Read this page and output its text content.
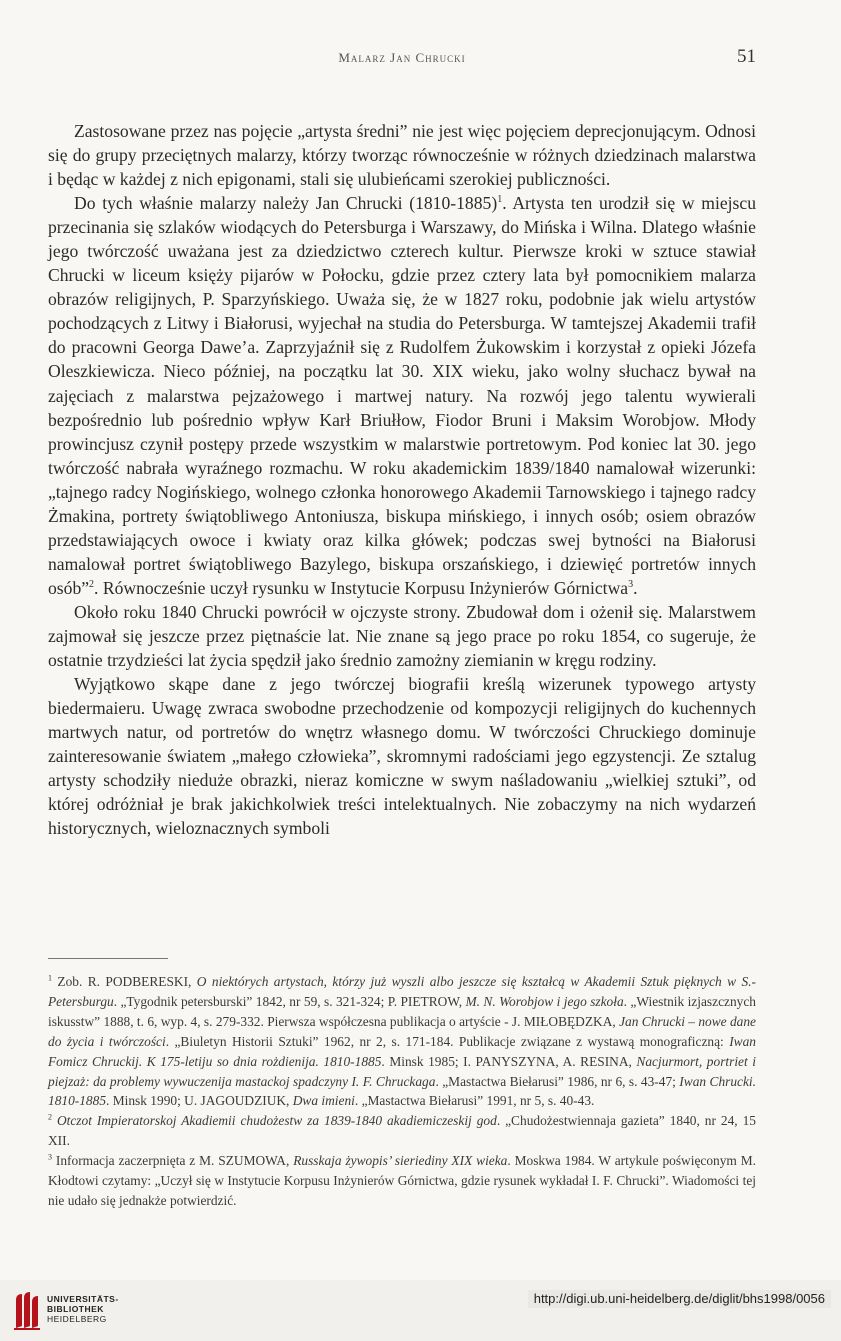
Malarz Jan Chrucki	51

Zastosowane przez nas pojęcie „artysta średni” nie jest więc pojęciem deprecjonującym. Odnosi się do grupy przeciętnych malarzy, którzy tworząc równocześnie w różnych dziedzinach malarstwa i będąc w każdej z nich epigonami, stali się ulubieńcami szerokiej publiczności.

Do tych właśnie malarzy należy Jan Chrucki (1810-1885)$^1$. Artysta ten urodził się w miejscu przecinania się szlaków wiodących do Petersburga i Warszawy, do Mińska i Wilna. Dlatego właśnie jego twórczość uważana jest za dziedzictwo czterech kultur. Pierwsze kroki w sztuce stawiał Chrucki w liceum księży pijarów w Połocku, gdzie przez cztery lata był pomocnikiem malarza obrazów religijnych, P. Sparzyńskiego. Uważa się, że w 1827 roku, podobnie jak wielu artystów pochodzących z Litwy i Białorusi, wyjechał na studia do Petersburga. W tamtejszej Akademii trafił do pracowni Georga Dawe’a. Zaprzyjaźnił się z Rudolfem Żukowskim i korzystał z opieki Józefa Oleszkiewicza. Nieco później, na początku lat 30. XIX wieku, jako wolny słuchacz bywał na zajęciach z malarstwa pejzażowego i martwej natury. Na rozwój jego talentu wywierali bezpośrednio lub pośrednio wpływ Karł Briułłow, Fiodor Bruni i Maksim Worobjow. Młody prowincjusz czynił postępy przede wszystkim w malarstwie portretowym. Pod koniec lat 30. jego twórczość nabrała wyraźnego rozmachu. W roku akademickim 1839/1840 namalował wizerunki: „tajnego radcy Nogińskiego, wolnego członka honorowego Akademii Tarnowskiego i tajnego radcy Żmakina, portrety świątobliwego Antoniusza, biskupa mińskiego, i innych osób; osiem obrazów przedstawiających owoce i kwiaty oraz kilka główek; podczas swej bytności na Białorusi namalował portret świątobliwego Bazylego, biskupa orszańskiego, i dziewięć portretów innych osób”$^2$. Równocześnie uczył rysunku w Instytucie Korpusu Inżynierów Górnictwa$^3$.

Około roku 1840 Chrucki powrócił w ojczyste strony. Zbudował dom i ożenił się. Malarstwem zajmował się jeszcze przez piętnaście lat. Nie znane są jego prace po roku 1854, co sugeruje, że ostatnie trzydzieści lat życia spędził jako średnio zamożny ziemianin w kręgu rodziny.

Wyjątkowo skąpe dane z jego twórczej biografii kreślą wizerunek typowego artysty biedermaieru. Uwagę zwraca swobodne przechodzenie od kompozycji religijnych do kuchennych martwych natur, od portretów do wnętrz własnego domu. W twórczości Chruckiego dominuje zainteresowanie światem „małego człowieka”, skromnymi radościami jego egzystencji. Ze sztalug artysty schodziły nieduże obrazki, nieraz komiczne w swym naśladowaniu „wielkiej sztuki”, od której odróżniał je brak jakichkolwiek treści intelektualnych. Nie zobaczymy na nich wydarzeń historycznych, wieloznacznych symboli

$^1$ Zob. R. PODBERESKI, O niektórych artystach, którzy już wyszli albo jeszcze się kształcą w Akademii Sztuk pięknych w S.-Petersburgu. „Tygodnik petersburski” 1842, nr 59, s. 321-324; P. PIETROW, M. N. Worobjow i jego szkoła. „Wiestnik izjaszcznych iskusstw” 1888, t. 6, wyp. 4, s. 279-332. Pierwsza współczesna publikacja o artyście - J. MIŁOBĘDZKA, Jan Chrucki – nowe dane do życia i twórczości. „Biuletyn Historii Sztuki” 1962, nr 2, s. 171-184. Publikacje związane z wystawą monograficzną: Iwan Fomicz Chruckij. K 175-letiju so dnia rożdienija. 1810-1885. Minsk 1985; I. PANYSZYNA, A. RESINA, Nacjurmort, portriet i piejzaż: da problemy wywuczenija mastackoj spadczyny I. F. Chruckaga. „Mastactwa Biełarusi” 1986, nr 6, s. 43-47; Iwan Chrucki. 1810-1885. Minsk 1990; U. JAGOUDZIUK, Dwa imieni. „Mastactwa Biełarusi” 1991, nr 5, s. 40-43.

$^2$ Otczot Impieratorskoj Akadiemii chudożestw za 1839-1840 akadiemiczeskij god. „Chudożestwiennaja gazieta” 1840, nr 24, 15 XII.

$^3$ Informacja zaczerpnięta z M. SZUMOWA, Russkaja żywopis’ sieriediny XIX wieka. Moskwa 1984. W artykule poświęconym M. Kłodtowi czytamy: „Uczył się w Instytucie Korpusu Inżynierów Górnictwa, gdzie rysunek wykładał I. F. Chrucki”. Wiadomości tej nie udało się jednakże potwierdzić.

UNIVERSITÄTS-
BIBLIOTHEK
HEIDELBERG
http://digi.ub.uni-heidelberg.de/diglit/bhs1998/0056
